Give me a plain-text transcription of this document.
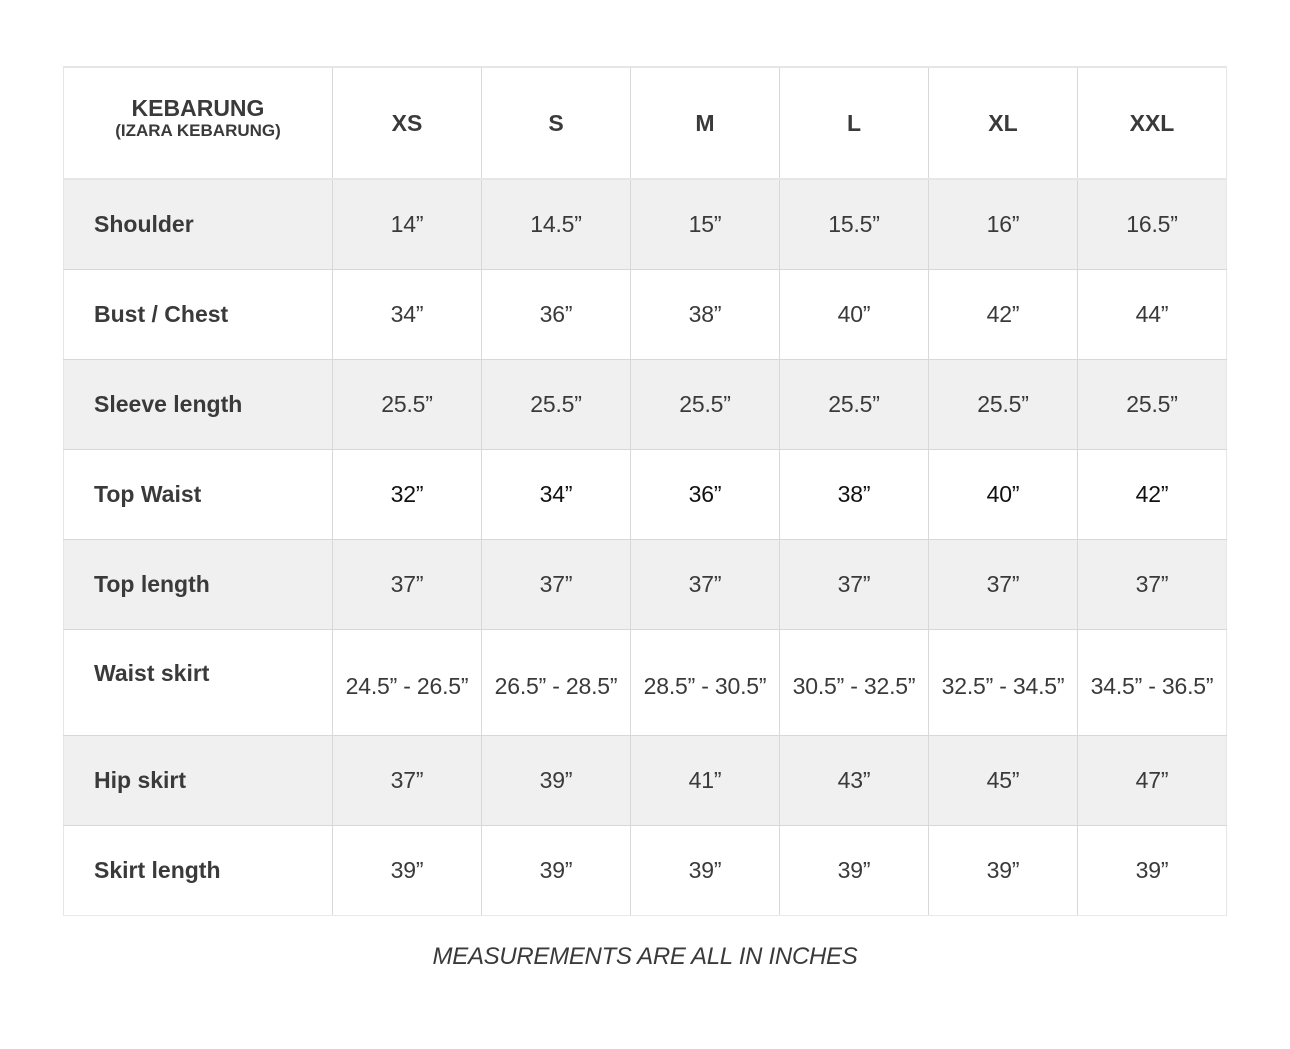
KEBARUNG
(IZARA KEBARUNG)	XS	S	M	L	XL	XXL
Shoulder	14”	14.5”	15”	15.5”	16”	16.5”
Bust / Chest	34”	36”	38”	40”	42”	44”
Sleeve length	25.5”	25.5”	25.5”	25.5”	25.5”	25.5”
Top Waist	32”	34”	36”	38”	40”	42”
Top length	37”	37”	37”	37”	37”	37”
Waist skirt	24.5” - 26.5”	26.5” - 28.5”	28.5” - 30.5”	30.5” - 32.5”	32.5” - 34.5”	34.5” - 36.5”
Hip skirt	37”	39”	41”	43”	45”	47”
Skirt length	39”	39”	39”	39”	39”	39”
MEASUREMENTS ARE ALL IN INCHES
